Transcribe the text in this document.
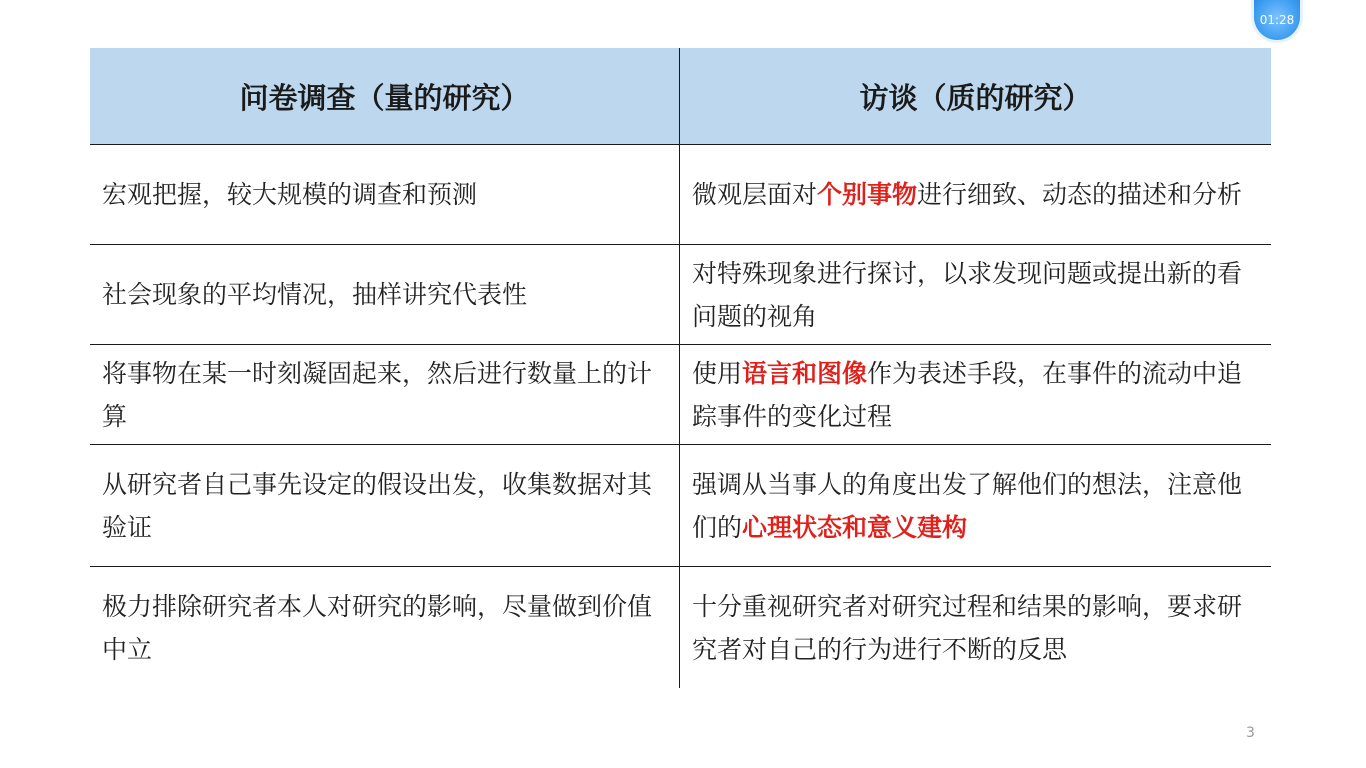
01:28
问卷调查（量的研究）	访谈（质的研究）
宏观把握，较大规模的调查和预测	微观层面对个别事物进行细致、动态的描述和分析
社会现象的平均情况，抽样讲究代表性
对特殊现象进行探讨，以求发现问题或提出新的看问题的视角
将事物在某一时刻凝固起来，然后进行数量上的计算
使用语言和图像作为表述手段，在事件的流动中追踪事件的变化过程
从研究者自己事先设定的假设出发，收集数据对其验证
强调从当事人的角度出发了解他们的想法，注意他们的心理状态和意义建构
极力排除研究者本人对研究的影响，尽量做到价值中立
十分重视研究者对研究过程和结果的影响，要求研究者对自己的行为进行不断的反思
3
